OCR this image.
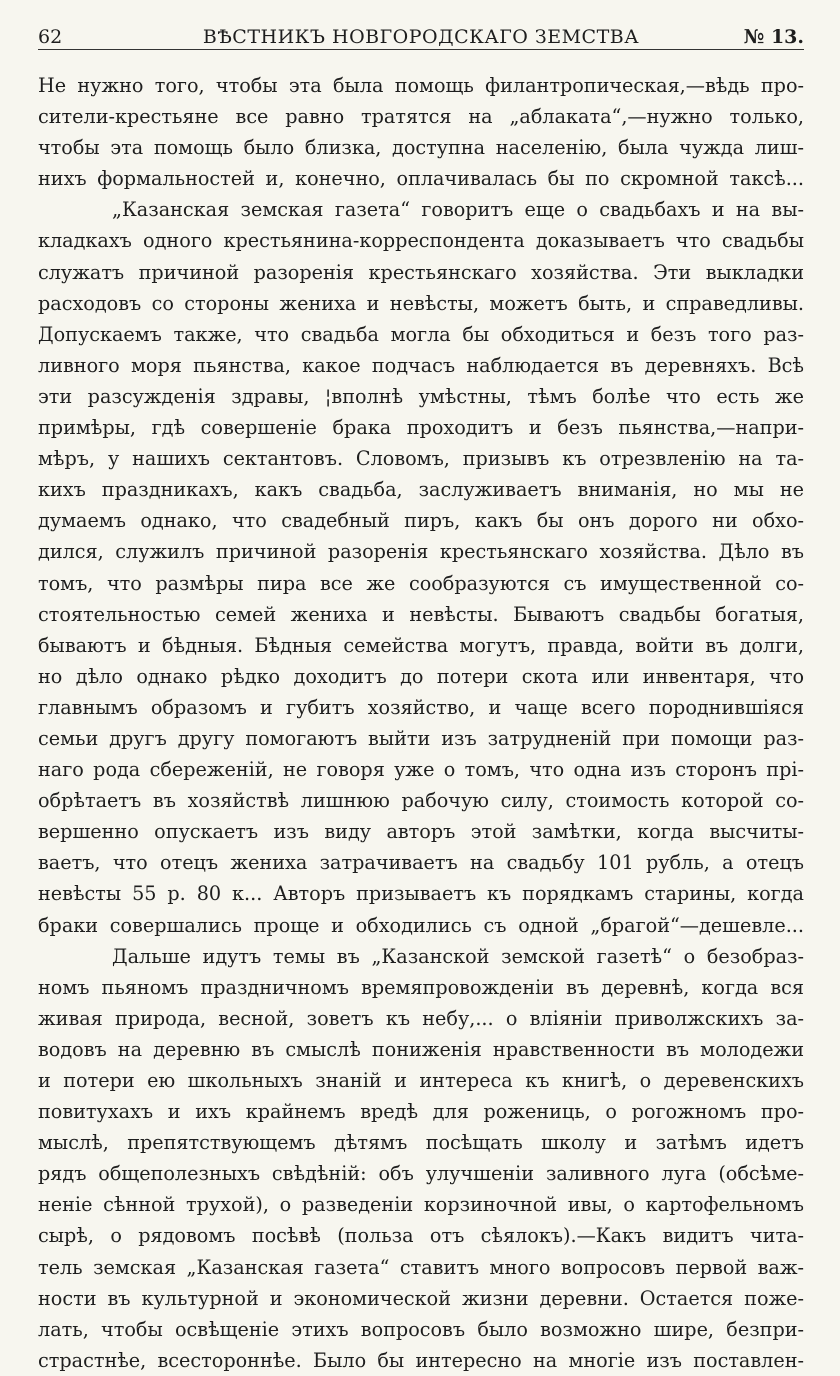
62	ВѢСТНИКЪ НОВГОРОДСКАГО ЗЕМСТВА	№ 13.
Не нужно того, чтобы эта была помощь филантропическая,—вѣдь про-
сители-крестьяне все равно тратятся на „аблаката“,—нужно только,
чтобы эта помощь было близка, доступна населенію, была чужда лиш-
нихъ формальностей и, конечно, оплачивалась бы по скромной таксѣ...
„Казанская земская газета“ говоритъ еще о свадьбахъ и на вы-
кладкахъ одного крестьянина-корреспондента доказываетъ что свадьбы
служатъ причиной разоренія крестьянскаго хозяйства. Эти выкладки
расходовъ со стороны жениха и невѣсты, можетъ быть, и справедливы.
Допускаемъ также, что свадьба могла бы обходиться и безъ того раз-
ливного моря пьянства, какое подчасъ наблюдается въ деревняхъ. Всѣ
эти разсужденія здравы, ¦вполнѣ умѣстны, тѣмъ болѣе что есть же
примѣры, гдѣ совершеніе брака проходитъ и безъ пьянства,—напри-
мѣръ, у нашихъ сектантовъ. Словомъ, призывъ къ отрезвленію на та-
кихъ праздникахъ, какъ свадьба, заслуживаетъ вниманія, но мы не
думаемъ однако, что свадебный пиръ, какъ бы онъ дорого ни обхо-
дился, служилъ причиной разоренія крестьянскаго хозяйства. Дѣло въ
томъ, что размѣры пира все же сообразуются съ имущественной со-
стоятельностью семей жениха и невѣсты. Бываютъ свадьбы богатыя,
бываютъ и бѣдныя. Бѣдныя семейства могутъ, правда, войти въ долги,
но дѣло однако рѣдко доходитъ до потери скота или инвентаря, что
главнымъ образомъ и губитъ хозяйство, и чаще всего породнившіяся
семьи другъ другу помогаютъ выйти изъ затрудненій при помощи раз-
наго рода сбереженій, не говоря уже о томъ, что одна изъ сторонъ прі-
обрѣтаетъ въ хозяйствѣ лишнюю рабочую силу, стоимость которой со-
вершенно опускаетъ изъ виду авторъ этой замѣтки, когда высчиты-
ваетъ, что отецъ жениха затрачиваетъ на свадьбу 101 рубль, а отецъ
невѣсты 55 р. 80 к... Авторъ призываетъ къ порядкамъ старины, когда
браки совершались проще и обходились съ одной „брагой“—дешевле...
Дальше идутъ темы въ „Казанской земской газетѣ“ о безобраз-
номъ пьяномъ праздничномъ времяпровожденіи въ деревнѣ, когда вся
живая природа, весной, зоветъ къ небу,... о вліяніи приволжскихъ за-
водовъ на деревню въ смыслѣ пониженія нравственности въ молодежи
и потери ею школьныхъ знаній и интереса къ книгѣ, о деревенскихъ
повитухахъ и ихъ крайнемъ вредѣ для рожениць, о рогожномъ про-
мыслѣ, препятствующемъ дѣтямъ посѣщать школу и затѣмъ идетъ
рядъ общеполезныхъ свѣдѣній: объ улучшеніи заливного луга (обсѣме-
неніе сѣнной трухой), о разведеніи корзиночной ивы, о картофельномъ
сырѣ, о рядовомъ посѣвѣ (польза отъ сѣялокъ).—Какъ видитъ чита-
тель земская „Казанская газета“ ставитъ много вопросовъ первой важ-
ности въ культурной и экономической жизни деревни. Остается поже-
лать, чтобы освѣщеніе этихъ вопросовъ было возможно шире, безпри-
страстнѣе, всестороннѣе. Было бы интересно на многіе изъ поставлен-
